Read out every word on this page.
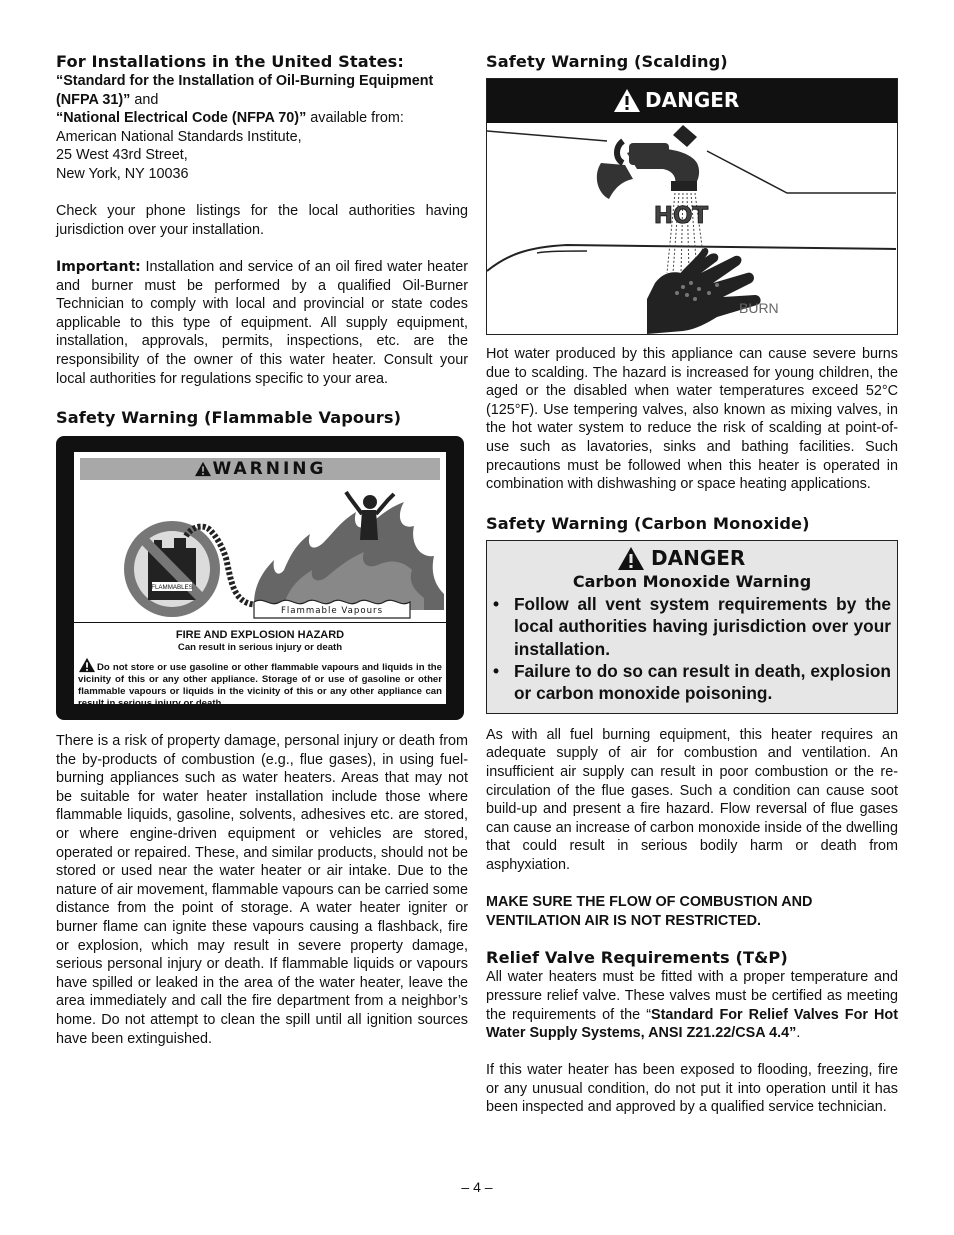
For Installations in the United States:

“Standard for the Installation of Oil-Burning Equipment (NFPA 31)” and
“National Electrical Code (NFPA 70)” available from:
American National Standards Institute,
25 West 43rd Street,
New York, NY 10036

Check your phone listings for the local authorities having jurisdiction over your installation.

Important: Installation and service of an oil fired water heater and burner must be performed by a qualified Oil-Burner Technician to comply with local and provincial or state codes applicable to this type of equipment. All supply equipment, installation, approvals, permits, inspections, etc. are the responsibility of the owner of this water heater. Consult your local authorities for regulations specific to your area.

Safety Warning (Flammable Vapours)
WARNING
FLAMMABLES
Flammable Vapours
FIRE AND EXPLOSION HAZARD
Can result in serious injury or death
Do not store or use gasoline or other flammable vapours and liquids in the vicinity of this or any other appliance. Storage of or use of gasoline or other flammable vapours or liquids in the vicinity of this or any other appliance can result in serious injury or death.

There is a risk of property damage, personal injury or death from the by-products of combustion (e.g., flue gases), in using fuel-burning appliances such as water heaters. Areas that may not be suitable for water heater installation include those where flammable liquids, gasoline, solvents, adhesives etc. are stored, or where engine-driven equipment or vehicles are stored, operated or repaired. These, and similar products, should not be stored or used near the water heater or air intake. Due to the nature of air movement, flammable vapours can be carried some distance from the point of storage. A water heater igniter or burner flame can ignite these vapours causing a flashback, fire or explosion, which may result in severe property damage, serious personal injury or death. If flammable liquids or vapours have spilled or leaked in the area of the water heater, leave the area immediately and call the fire department from a neighbor’s home. Do not attempt to clean the spill until all ignition sources have been extinguished.

Safety Warning (Scalding)
DANGER
HOT
BURN

Hot water produced by this appliance can cause severe burns due to scalding. The hazard is increased for young children, the aged or the disabled when water temperatures exceed 52°C (125°F). Use tempering valves, also known as mixing valves, in the hot water system to reduce the risk of scalding at point-of-use such as lavatories, sinks and bathing facilities. Such precautions must be followed when this heater is operated in combination with dishwashing or space heating applications.

Safety Warning (Carbon Monoxide)
DANGER
Carbon Monoxide Warning
• Follow all vent system requirements by the local authorities having jurisdiction over your installation.
• Failure to do so can result in death, explosion or carbon monoxide poisoning.

As with all fuel burning equipment, this heater requires an adequate supply of air for combustion and ventilation. An insufficient air supply can result in poor combustion or the re-circulation of the flue gases. Such a condition can cause soot build-up and present a fire hazard. Flow reversal of flue gases can cause an increase of carbon monoxide inside of the dwelling that could result in serious bodily harm or death from asphyxiation.

MAKE SURE THE FLOW OF COMBUSTION AND VENTILATION AIR IS NOT RESTRICTED.

Relief Valve Requirements (T&P)

All water heaters must be fitted with a proper temperature and pressure relief valve. These valves must be certified as meeting the requirements of the “Standard For Relief Valves For Hot Water Supply Systems, ANSI Z21.22/CSA 4.4”.

If this water heater has been exposed to flooding, freezing, fire or any unusual condition, do not put it into operation until it has been inspected and approved by a qualified service technician.

– 4 –
